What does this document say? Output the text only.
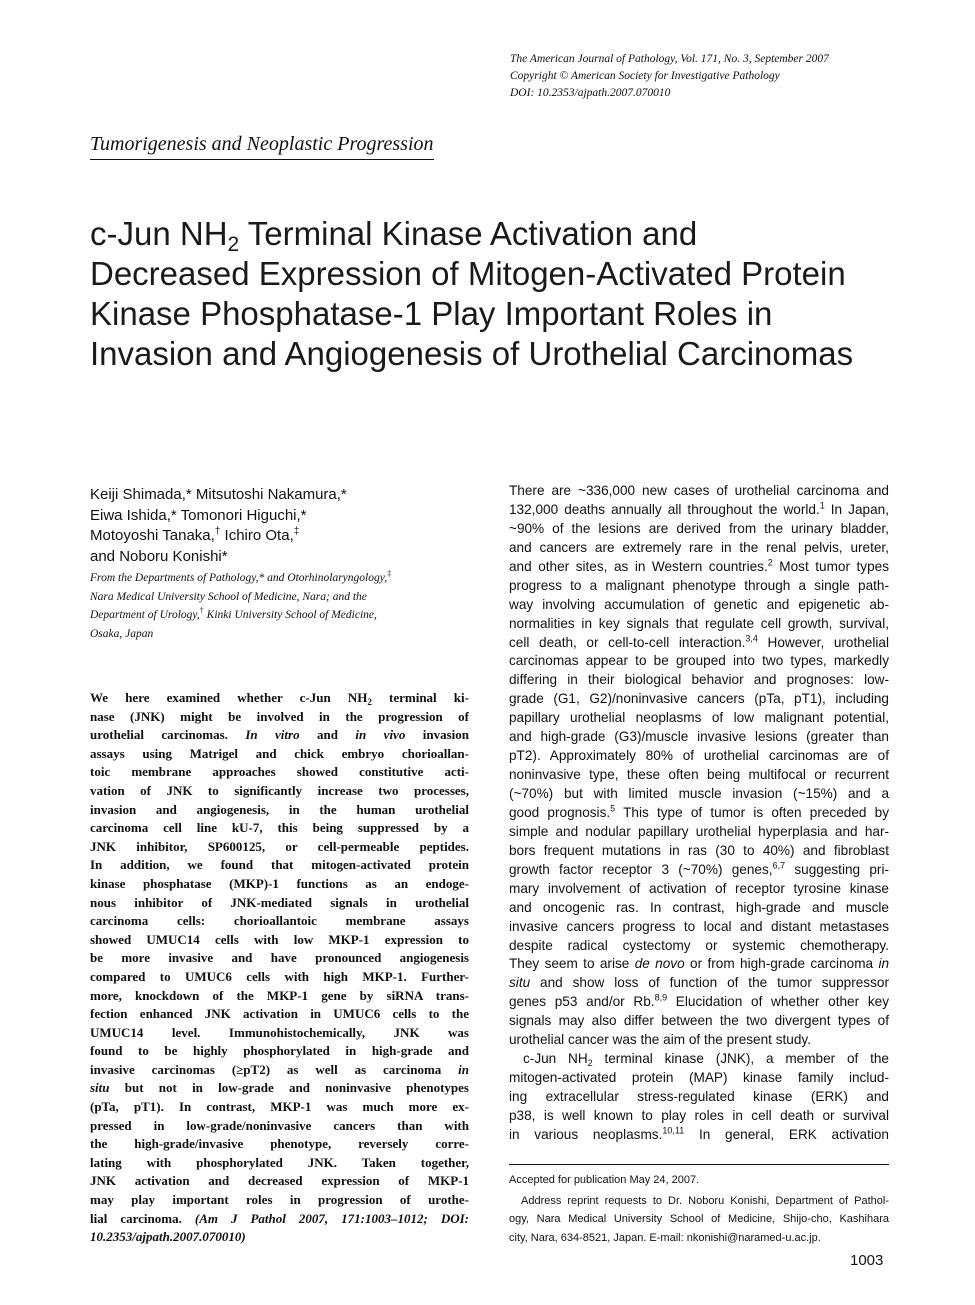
The American Journal of Pathology, Vol. 171, No. 3, September 2007
Copyright © American Society for Investigative Pathology
DOI: 10.2353/ajpath.2007.070010
Tumorigenesis and Neoplastic Progression
c-Jun $NH_2$ Terminal Kinase Activation and
Decreased Expression of Mitogen-Activated Protein
Kinase Phosphatase-1 Play Important Roles in
Invasion and Angiogenesis of Urothelial Carcinomas
Keiji Shimada,* Mitsutoshi Nakamura,*
Eiwa Ishida,* Tomonori Higuchi,*
Motoyoshi Tanaka,† Ichiro Ota,‡
and Noboru Konishi*
From the Departments of Pathology,* and Otorhinolaryngology,‡
Nara Medical University School of Medicine, Nara; and the
Department of Urology,† Kinki University School of Medicine,
Osaka, Japan
We here examined whether c-Jun $NH_2$ terminal ki-
nase (JNK) might be involved in the progression of
urothelial carcinomas. In vitro and in vivo invasion
assays using Matrigel and chick embryo chorioallan-
toic membrane approaches showed constitutive acti-
vation of JNK to significantly increase two processes,
invasion and angiogenesis, in the human urothelial
carcinoma cell line kU-7, this being suppressed by a
JNK inhibitor, SP600125, or cell-permeable peptides.
In addition, we found that mitogen-activated protein
kinase phosphatase (MKP)-1 functions as an endoge-
nous inhibitor of JNK-mediated signals in urothelial
carcinoma cells: chorioallantoic membrane assays
showed UMUC14 cells with low MKP-1 expression to
be more invasive and have pronounced angiogenesis
compared to UMUC6 cells with high MKP-1. Further-
more, knockdown of the MKP-1 gene by siRNA trans-
fection enhanced JNK activation in UMUC6 cells to the
UMUC14 level. Immunohistochemically, JNK was
found to be highly phosphorylated in high-grade and
invasive carcinomas (≥pT2) as well as carcinoma in
situ but not in low-grade and noninvasive phenotypes
(pTa, pT1). In contrast, MKP-1 was much more ex-
pressed in low-grade/noninvasive cancers than with
the high-grade/invasive phenotype, reversely corre-
lating with phosphorylated JNK. Taken together,
JNK activation and decreased expression of MKP-1
may play important roles in progression of urothe-
lial carcinoma. (Am J Pathol 2007, 171:1003–1012; DOI:
10.2353/ajpath.2007.070010)
There are ~336,000 new cases of urothelial carcinoma and
132,000 deaths annually all throughout the world.$^1$ In Japan,
~90% of the lesions are derived from the urinary bladder,
and cancers are extremely rare in the renal pelvis, ureter,
and other sites, as in Western countries.$^2$ Most tumor types
progress to a malignant phenotype through a single path-
way involving accumulation of genetic and epigenetic ab-
normalities in key signals that regulate cell growth, survival,
cell death, or cell-to-cell interaction.$^{3,4}$ However, urothelial
carcinomas appear to be grouped into two types, markedly
differing in their biological behavior and prognoses: low-
grade (G1, G2)/noninvasive cancers (pTa, pT1), including
papillary urothelial neoplasms of low malignant potential,
and high-grade (G3)/muscle invasive lesions (greater than
pT2). Approximately 80% of urothelial carcinomas are of
noninvasive type, these often being multifocal or recurrent
(~70%) but with limited muscle invasion (~15%) and a
good prognosis.$^5$ This type of tumor is often preceded by
simple and nodular papillary urothelial hyperplasia and har-
bors frequent mutations in ras (30 to 40%) and fibroblast
growth factor receptor 3 (~70%) genes,$^{6,7}$ suggesting pri-
mary involvement of activation of receptor tyrosine kinase
and oncogenic ras. In contrast, high-grade and muscle
invasive cancers progress to local and distant metastases
despite radical cystectomy or systemic chemotherapy.
They seem to arise de novo or from high-grade carcinoma in
situ and show loss of function of the tumor suppressor
genes p53 and/or Rb.$^{8,9}$ Elucidation of whether other key
signals may also differ between the two divergent types of
urothelial cancer was the aim of the present study.
c-Jun $NH_2$ terminal kinase (JNK), a member of the
mitogen-activated protein (MAP) kinase family includ-
ing extracellular stress-regulated kinase (ERK) and
p38, is well known to play roles in cell death or survival
in various neoplasms.$^{10,11}$ In general, ERK activation
Accepted for publication May 24, 2007.
Address reprint requests to Dr. Noboru Konishi, Department of Pathol-
ogy, Nara Medical University School of Medicine, Shijo-cho, Kashihara
city, Nara, 634-8521, Japan. E-mail: nkonishi@naramed-u.ac.jp.
1003
